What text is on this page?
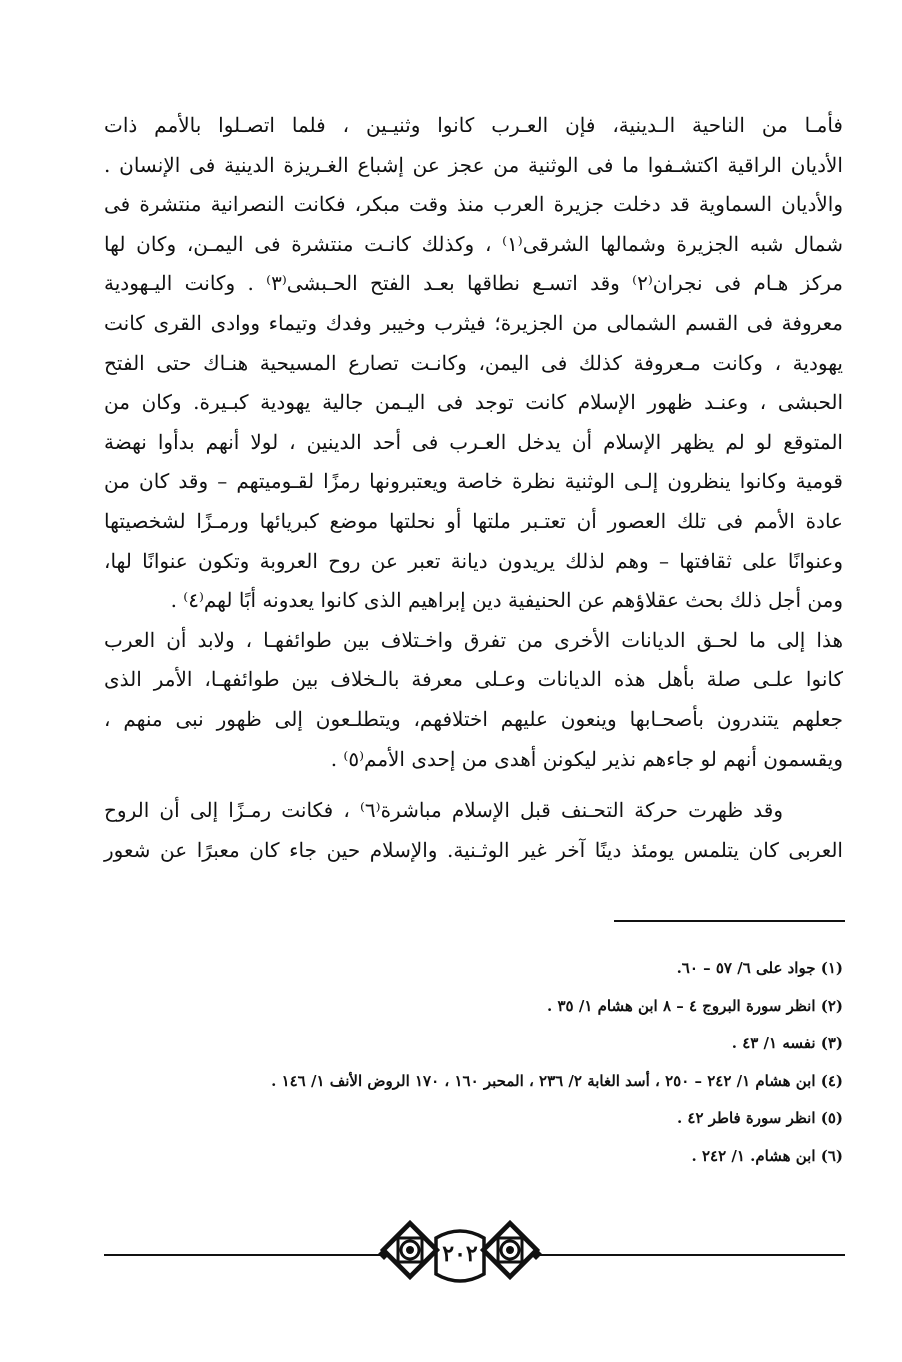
فأمـا من الناحية الـدينية، فإن العـرب كانوا وثنيـين ، فلما اتصـلوا بالأمم ذات
الأديان الراقية اكتشـفوا ما فى الوثنية من عجز عن إشباع الغـريزة الدينية فى الإنسان .
والأديان السماوية قد دخلت جزيرة العرب منذ وقت مبكر، فكانت النصرانية منتشرة فى
شمال شبه الجزيرة وشمالها الشرقى⁽١⁾ ، وكذلك كانـت منتشرة فى اليمـن، وكان لها
مركز هـام فى نجران⁽٢⁾ وقد اتسـع نطاقها بعـد الفتح الحـبشى⁽٣⁾ . وكانت اليـهودية
معروفة فى القسم الشمالى من الجزيرة؛ فيثرب وخيبر وفدك وتيماء ووادى القرى كانت
يهودية ، وكانت مـعروفة كذلك فى اليمن، وكانـت تصارع المسيحية هنـاك حتى الفتح
الحبشى ، وعنـد ظهور الإسلام كانت توجد فى اليـمن جالية يهودية كبـيرة. وكان من
المتوقع لو لم يظهر الإسلام أن يدخل العـرب فى أحد الدينين ، لولا أنهم بدأوا نهضة
قومية وكانوا ينظرون إلـى الوثنية نظرة خاصة ويعتبرونها رمزًا لقـوميتهم – وقد كان من
عادة الأمم فى تلك العصور أن تعتـبر ملتها أو نحلتها موضع كبريائها ورمـزًا لشخصيتها
وعنوانًا على ثقافتها – وهم لذلك يريدون ديانة تعبر عن روح العروبة وتكون عنوانًا لها،
ومن أجل ذلك بحث عقلاؤهم عن الحنيفية دين إبراهيم الذى كانوا يعدونه أبًا لهم⁽٤⁾ .
هذا إلى ما لحـق الديانات الأخرى من تفرق واخـتلاف بين طوائفهـا ، ولابد أن العرب
كانوا علـى صلة بأهل هذه الديانات وعـلى معرفة بالـخلاف بين طوائفهـا، الأمر الذى
جعلهم يتندرون بأصحـابها وينعون عليهم اختلافهم، ويتطلـعون إلى ظهور نبى منهم ،
ويقسمون أنهم لو جاءهم نذير ليكونن أهدى من إحدى الأمم⁽٥⁾ .
وقد ظهرت حركة التحـنف قبل الإسلام مباشرة⁽٦⁾ ، فكانت رمـزًا إلى أن الروح
العربى كان يتلمس يومئذ دينًا آخر غير الوثـنية. والإسلام حين جاء كان معبرًا عن شعور
(١) جواد على ٦/ ٥٧ – ٦٠.
(٢) انظر سورة البروج ٤ – ٨ ابن هشام ١/ ٣٥ .
(٣) نفسه ١/ ٤٣ .
(٤) ابن هشام ١/ ٢٤٢ – ٢٥٠ ، أسد الغابة ٢/ ٢٣٦ ، المحبر ١٦٠ ، ١٧٠ الروض الأنف ١/ ١٤٦ .
(٥) انظر سورة فاطر ٤٢ .
(٦) ابن هشام. ١/ ٢٤٢ .
٢٠٢
